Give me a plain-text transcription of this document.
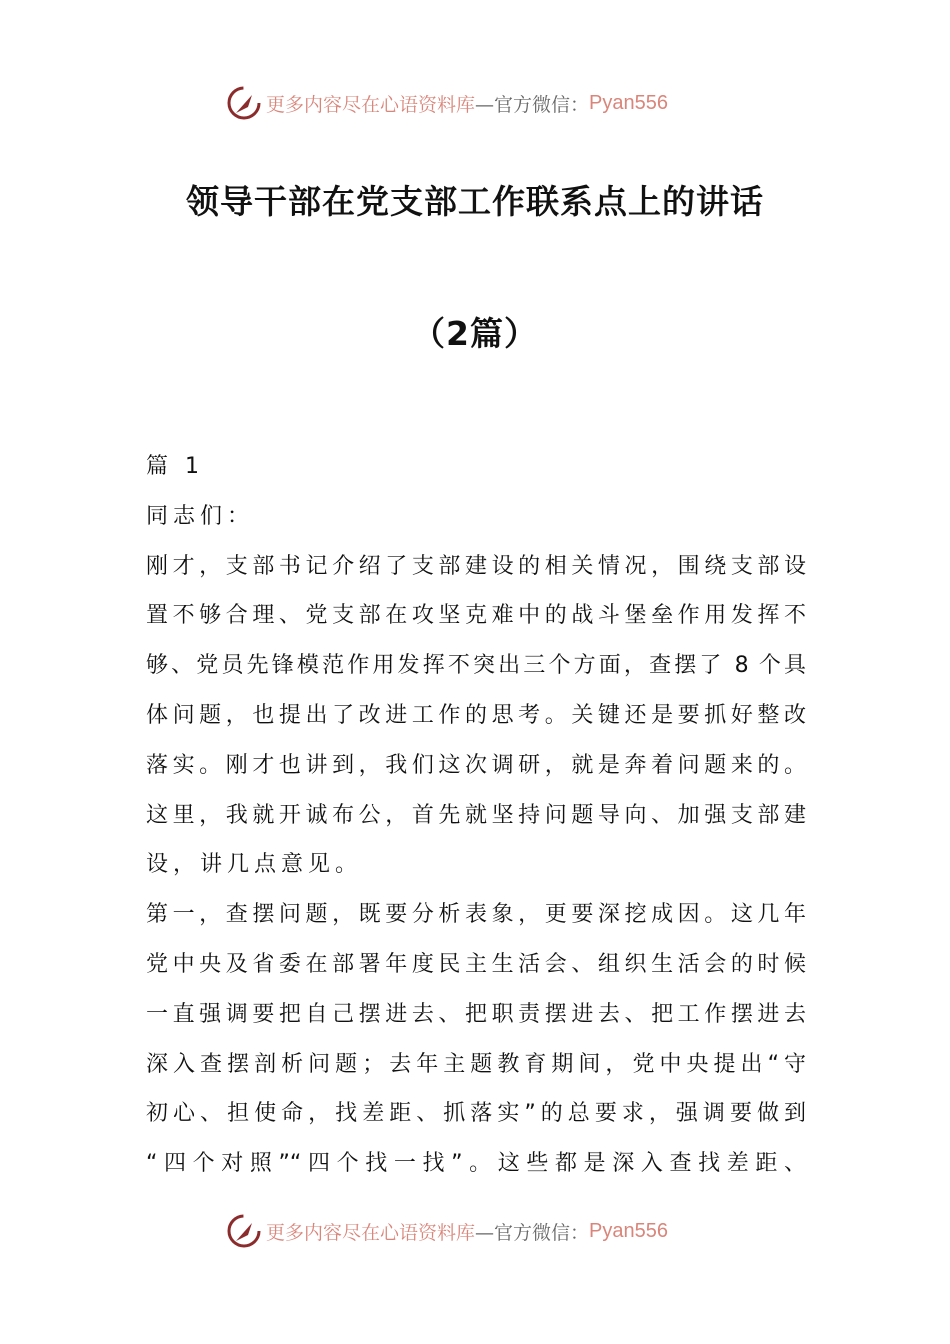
更多内容尽在心语资料库 —官方微信： Pyan556
领导干部在党支部工作联系点上的讲话
（2篇）
篇 1
同志们：
刚才，支部书记介绍了支部建设的相关情况，围绕支部设
置不够合理、党支部在攻坚克难中的战斗堡垒作用发挥不
够、党员先锋模范作用发挥不突出三个方面，查摆了 8 个具
体问题，也提出了改进工作的思考。关键还是要抓好整改
落实。刚才也讲到，我们这次调研，就是奔着问题来的。
这里，我就开诚布公，首先就坚持问题导向、加强支部建
设，讲几点意见。
第一，查摆问题，既要分析表象，更要深挖成因。这几年
党中央及省委在部署年度民主生活会、组织生活会的时候
一直强调要把自己摆进去、把职责摆进去、把工作摆进去
深入查摆剖析问题；去年主题教育期间，党中央提出“守
初心、担使命，找差距、抓落实”的总要求，强调要做到
“四个对照”“四个找一找”。这些都是深入查找差距、
更多内容尽在心语资料库 —官方微信： Pyan556
